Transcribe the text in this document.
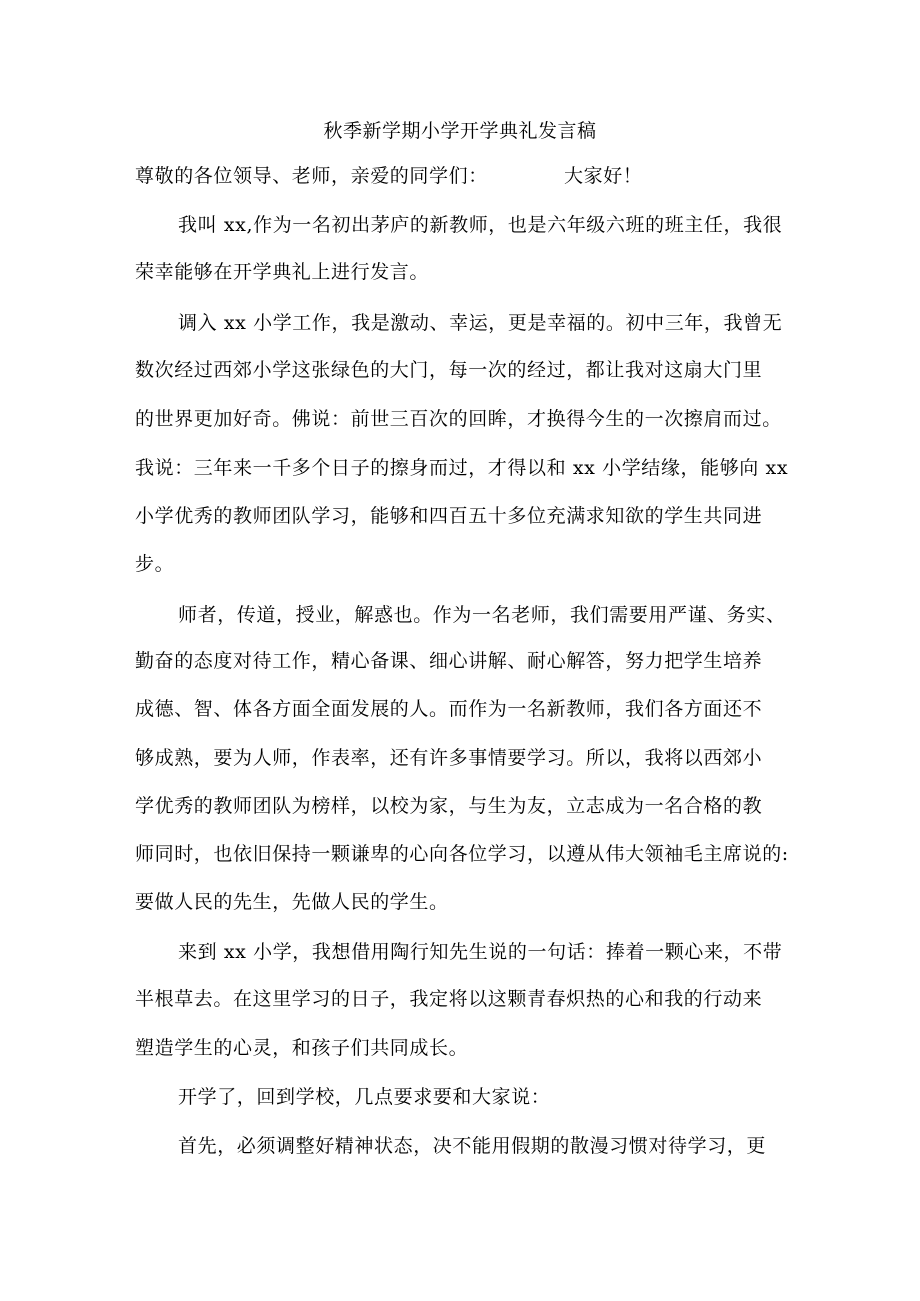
秋季新学期小学开学典礼发言稿
尊敬的各位领导、老师，亲爱的同学们：	大家好！
我叫 xx,作为一名初出茅庐的新教师，也是六年级六班的班主任，我很
荣幸能够在开学典礼上进行发言。
调入 xx 小学工作，我是激动、幸运，更是幸福的。初中三年，我曾无
数次经过西郊小学这张绿色的大门，每一次的经过，都让我对这扇大门里
的世界更加好奇。佛说：前世三百次的回眸，才换得今生的一次擦肩而过。
我说：三年来一千多个日子的擦身而过，才得以和 xx 小学结缘，能够向 xx
小学优秀的教师团队学习，能够和四百五十多位充满求知欲的学生共同进
步。
师者，传道，授业，解惑也。作为一名老师，我们需要用严谨、务实、
勤奋的态度对待工作，精心备课、细心讲解、耐心解答，努力把学生培养
成德、智、体各方面全面发展的人。而作为一名新教师，我们各方面还不
够成熟，要为人师，作表率，还有许多事情要学习。所以，我将以西郊小
学优秀的教师团队为榜样，以校为家，与生为友，立志成为一名合格的教
师同时，也依旧保持一颗谦卑的心向各位学习，以遵从伟大领袖毛主席说的:
要做人民的先生，先做人民的学生。
来到 xx 小学，我想借用陶行知先生说的一句话：捧着一颗心来，不带
半根草去。在这里学习的日子，我定将以这颗青春炽热的心和我的行动来
塑造学生的心灵，和孩子们共同成长。
开学了，回到学校，几点要求要和大家说：
首先，必须调整好精神状态，决不能用假期的散漫习惯对待学习，更
